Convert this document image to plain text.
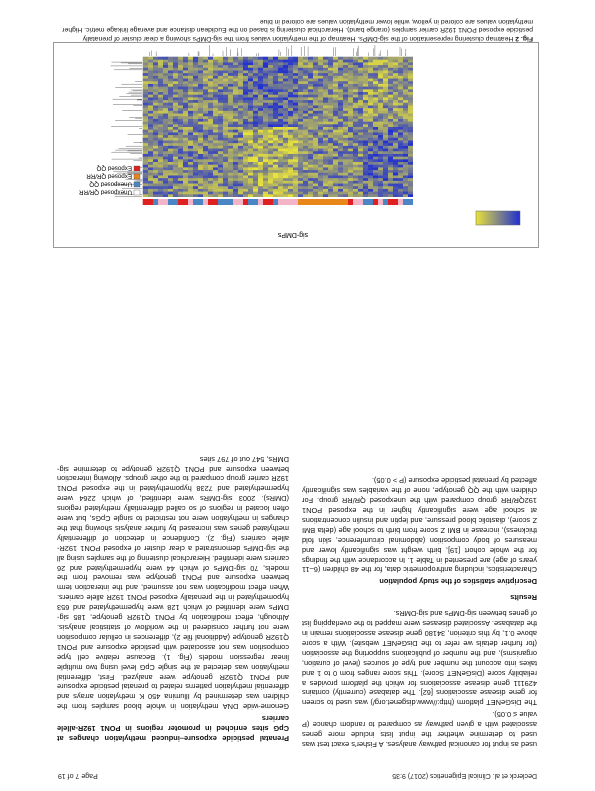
Declerck et al. Clinical Epigenetics (2017) 9:35
Page 7 of 19

used as input for canonical pathway analyses. A Fisher's exact test was used to determine whether the input lists include more genes associated with a given pathway as compared to random chance (P value ≤ 0.05).

The DisGeNET platform (http://www.disgenet.org/) was used to screen for gene disease associations [62]. The database (currently) contains 429111 gene disease associations for which the platform provides a reliability score (DisGeNET Score). This score ranges from 0 to 1 and takes into account the number and type of sources (level of curation, organisms), and the number of publications supporting the association (for further details we refer to the DisGeNET website). With a score above 0.1, by this criterion, 34180 gene disease associations remain in the database. Associated diseases were mapped to the overlapping list of genes between sig-DMPs and sig-DMRs.

Results
Descriptive statistics of the study population

Characteristics, including anthropometric data, for the 48 children (6–11 years of age) are presented in Table 1. In accordance with the findings for the whole cohort [19], birth weight was significantly lower and measures of body composition (abdominal circumference, skin fold thickness), increase in BMI Z score from birth to school age (delta BMI Z score), diastolic blood pressure, and leptin and insulin concentrations at school age were significantly higher in the exposed PON1 192QR/RR group compared with the unexposed QR/RR group. For children with the QQ genotype, none of the variables was significantly affected by prenatal pesticide exposure (P > 0.05).

Prenatal pesticide exposure–induced methylation changes at CpG sites enriched in promoter regions in PON1 192R-allele carriers

Genome-wide DNA methylation in whole blood samples from the children was determined by Illumina 450 K methylation arrays and differential methylation patterns related to prenatal pesticide exposure and PON1 Q192R genotype were analyzed. First, differential methylation was detected at the single CpG level using two multiple linear regression models (Fig. 1). Because relative cell type composition was not associated with pesticide exposure and PON1 Q192R genotype (Additional file 2), differences in cellular composition were not further considered in the workflow of statistical analysis. Although, effect modification by PON1 Q192R genotype, 185 sig-DMPs were identified of which 128 were hypermethylated and 653 hypomethylated in the prenatally exposed PON1 192R allele carriers. When effect modification was not assumed, and the interaction term between exposure and PON1 genotype was removed from the models, 70 sig-DMPs of which 44 were hypermethylated and 26 carriers were identified. Hierarchical clustering of the samples using all the sig-DMPs demonstrated a clear cluster of exposed PON1 192R-allele carriers (Fig. 2). Confidence in detection of differentially methylated genes was increased by further analysis showing that the changes in methylation were not restricted to single CpGs, but were often located in regions of so called differentially methylated regions (DMRs). 2003 sig-DMRs were identified, of which 2264 were hypermethylated and 7238 hypomethylated in the exposed PON1 192R carrier group compared to the other groups. Allowing interaction between exposure and PON1 Q192R genotype to determine sig-DMRs, 547 out of 797 sites

sig-DMPs
Unexposed QR/RR
Unexposed QQ
Exposed QR/RR
Exposed QQ
Fig. 2 Heatmap clustering representation of the sig-DMPs. Heatmap of the methylation values from the sig-DMPs showing a clear cluster of prenatally pesticide exposed PON1 192R carrier samples (orange band). Hierarchical clustering is based on the Euclidean distance and average linkage metric. Higher methylation values are colored in yellow, while lower methylation values are colored in blue
